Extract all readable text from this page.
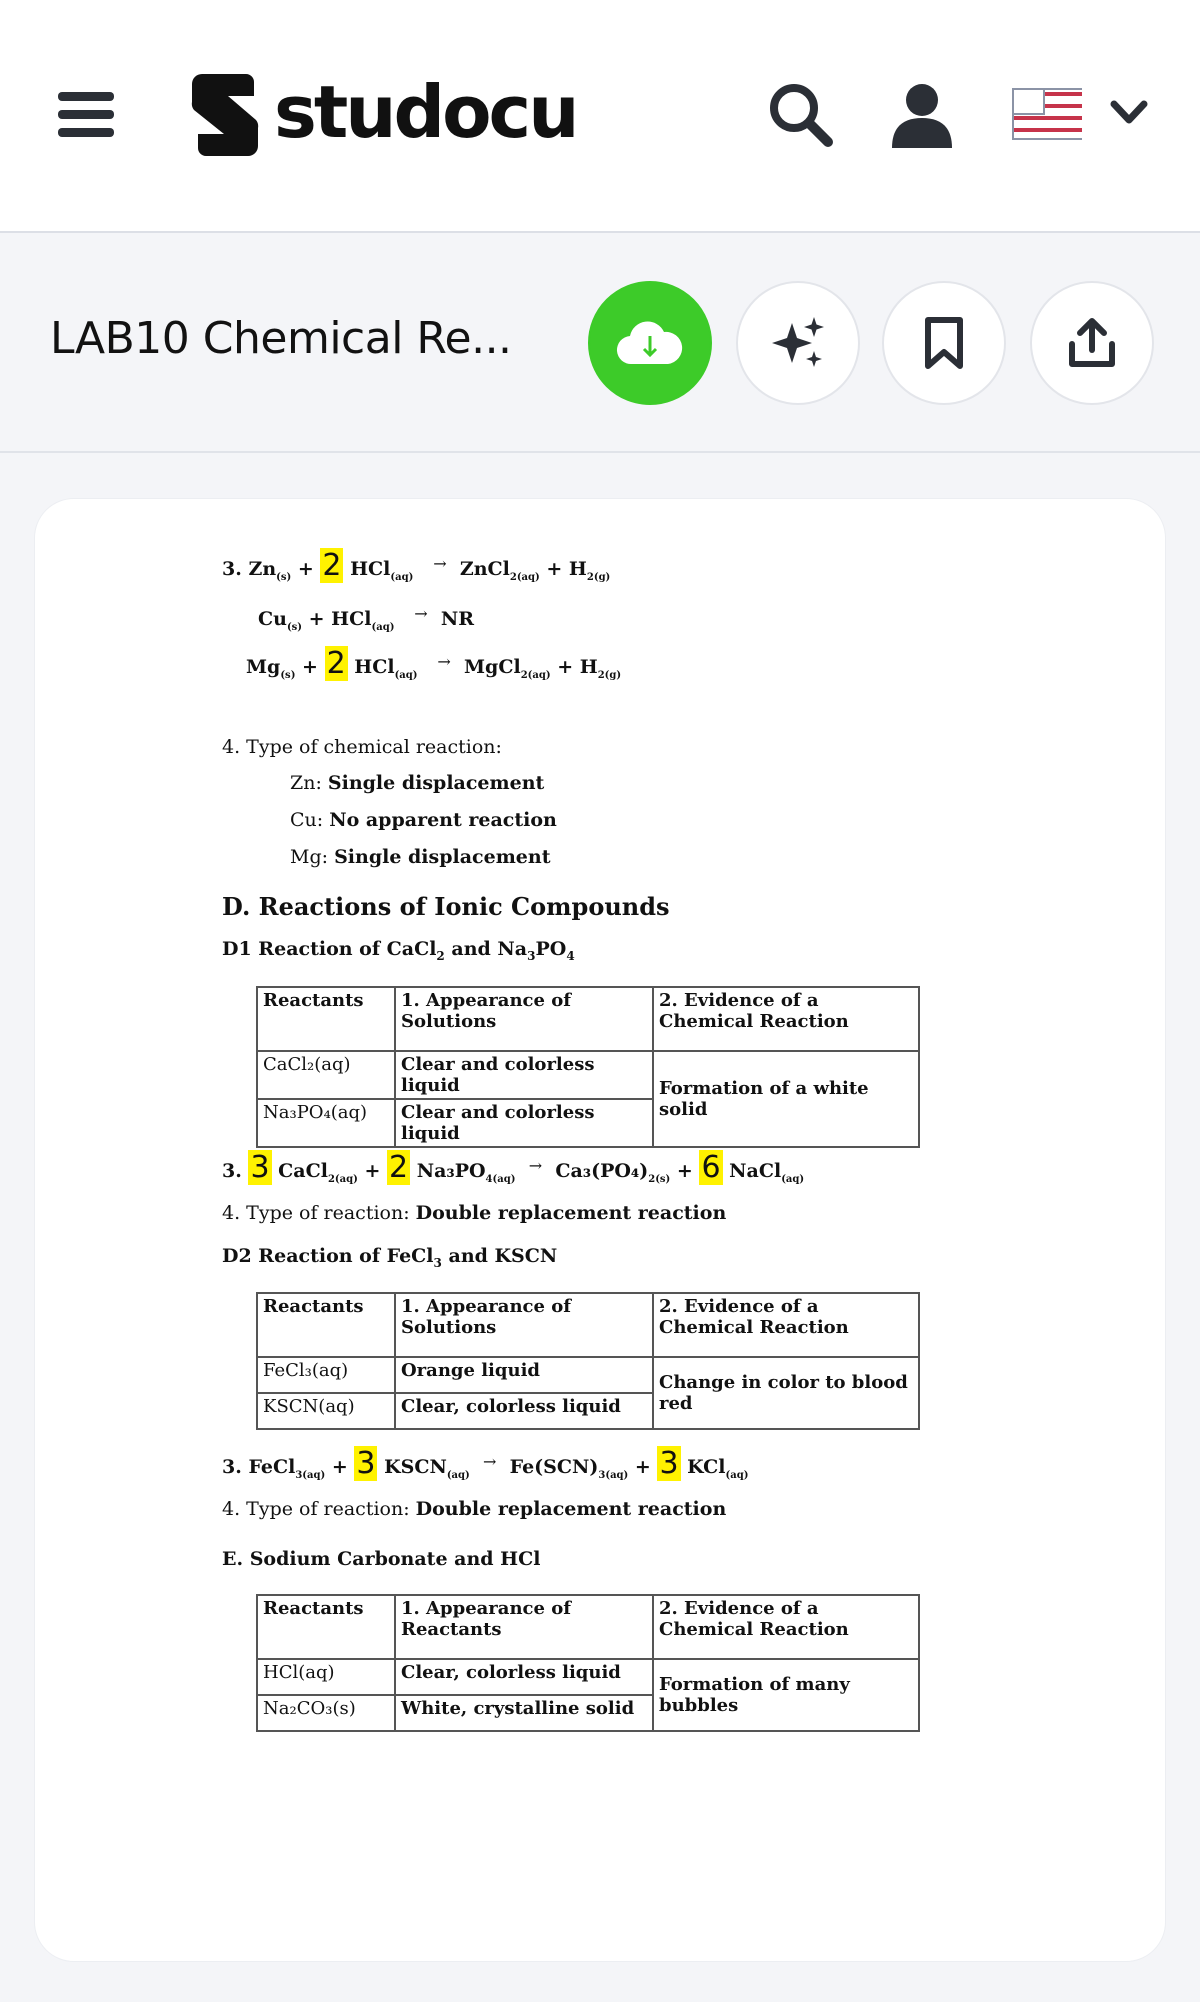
studocu
LAB10 Chemical Re...
3. $Zn_{(s)} + 2$ HCl$_{(aq)}$   → ZnCl$_{2(aq)}$ + $H_{2(g)}$
$Cu_{(s)} + HCl_{(aq)}$   → NR
$Mg_{(s)} + 2$ HCl$_{(aq)}$   → MgCl$_{2(aq)}$ + $H_{2(g)}$
4. Type of chemical reaction:
Zn: Single displacement
Cu: No apparent reaction
Mg: Single displacement
D. Reactions of Ionic Compounds
D1 Reaction of CaCl$_2$ and $Na_3PO_4$
Reactants	1. Appearance of Solutions	2. Evidence of a Chemical Reaction
CaCl₂(aq)	Clear and colorless liquid	Formation of a white solid
Na₃PO₄(aq)	Clear and colorless liquid	
3. 3 CaCl$_{2(aq)}$ + 2 $Na_3PO_{4(aq)}$  → $Ca_3(PO_4)_{2(s)} + 6$ NaCl$_{(aq)}$
4. Type of reaction: Double replacement reaction
D2 Reaction of FeCl$_3$ and KSCN
Reactants	1. Appearance of Solutions	2. Evidence of a Chemical Reaction
FeCl₃(aq)	Orange liquid	Change in color to blood red
KSCN(aq)	Clear, colorless liquid	
3. FeCl$_{3(aq)}$ + 3 $KSCN_{(aq)}$  → $Fe(SCN)_{3(aq)} + 3$ KCl$_{(aq)}$
4. Type of reaction: Double replacement reaction
E. Sodium Carbonate and HCl
Reactants	1. Appearance of Reactants	2. Evidence of a Chemical Reaction
HCl(aq)	Clear, colorless liquid	Formation of many bubbles
Na₂CO₃(s)	White, crystalline solid	
